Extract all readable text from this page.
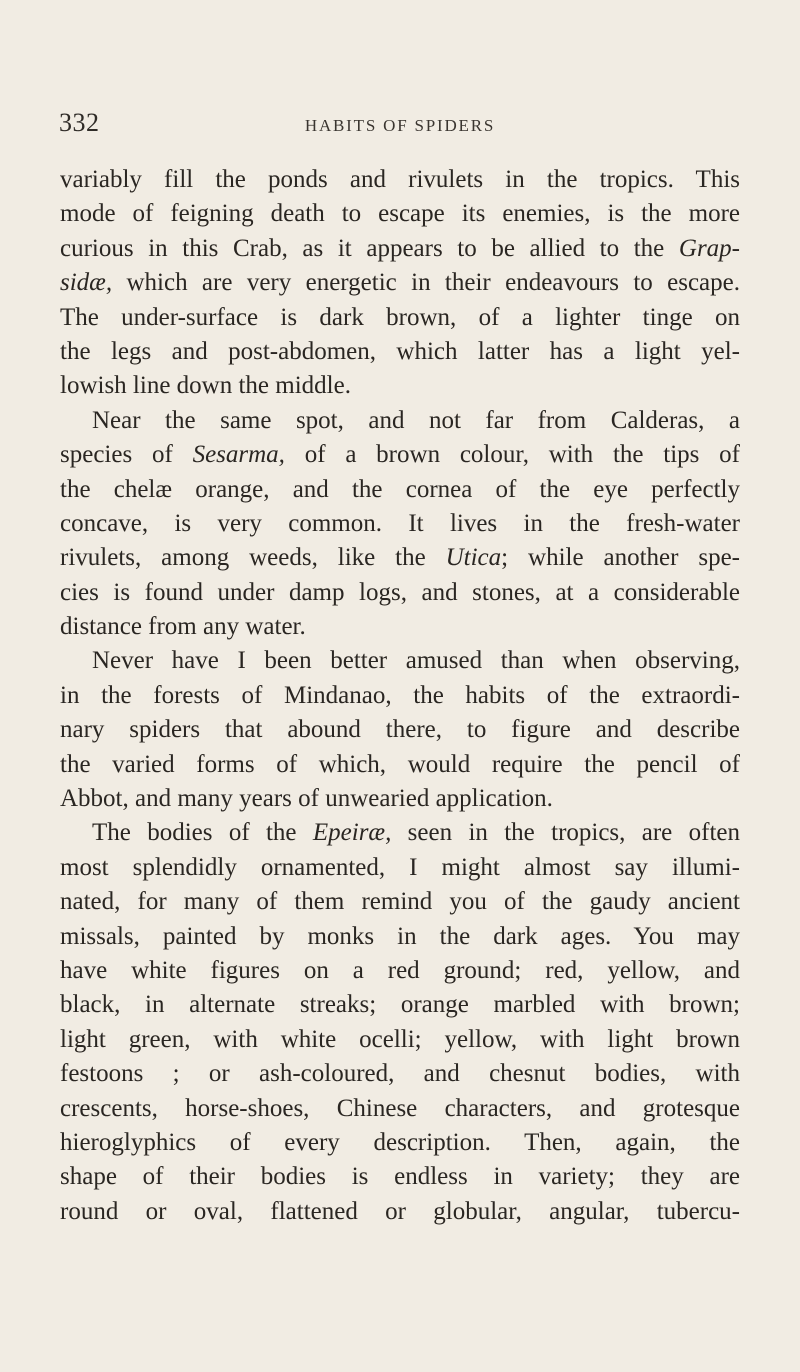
332	HABITS OF SPIDERS
variably fill the ponds and rivulets in the tropics. This
mode of feigning death to escape its enemies, is the more
curious in this Crab, as it appears to be allied to the Grap-
sidæ, which are very energetic in their endeavours to escape.
The under-surface is dark brown, of a lighter tinge on
the legs and post-abdomen, which latter has a light yel-
lowish line down the middle.
Near the same spot, and not far from Calderas, a
species of Sesarma, of a brown colour, with the tips of
the chelæ orange, and the cornea of the eye perfectly
concave, is very common. It lives in the fresh-water
rivulets, among weeds, like the Utica; while another spe-
cies is found under damp logs, and stones, at a considerable
distance from any water.
Never have I been better amused than when observing,
in the forests of Mindanao, the habits of the extraordi-
nary spiders that abound there, to figure and describe
the varied forms of which, would require the pencil of
Abbot, and many years of unwearied application.
The bodies of the Epeiræ, seen in the tropics, are often
most splendidly ornamented, I might almost say illumi-
nated, for many of them remind you of the gaudy ancient
missals, painted by monks in the dark ages. You may
have white figures on a red ground; red, yellow, and
black, in alternate streaks; orange marbled with brown;
light green, with white ocelli; yellow, with light brown
festoons ; or ash-coloured, and chesnut bodies, with
crescents, horse-shoes, Chinese characters, and grotesque
hieroglyphics of every description. Then, again, the
shape of their bodies is endless in variety; they are
round or oval, flattened or globular, angular, tubercu-
